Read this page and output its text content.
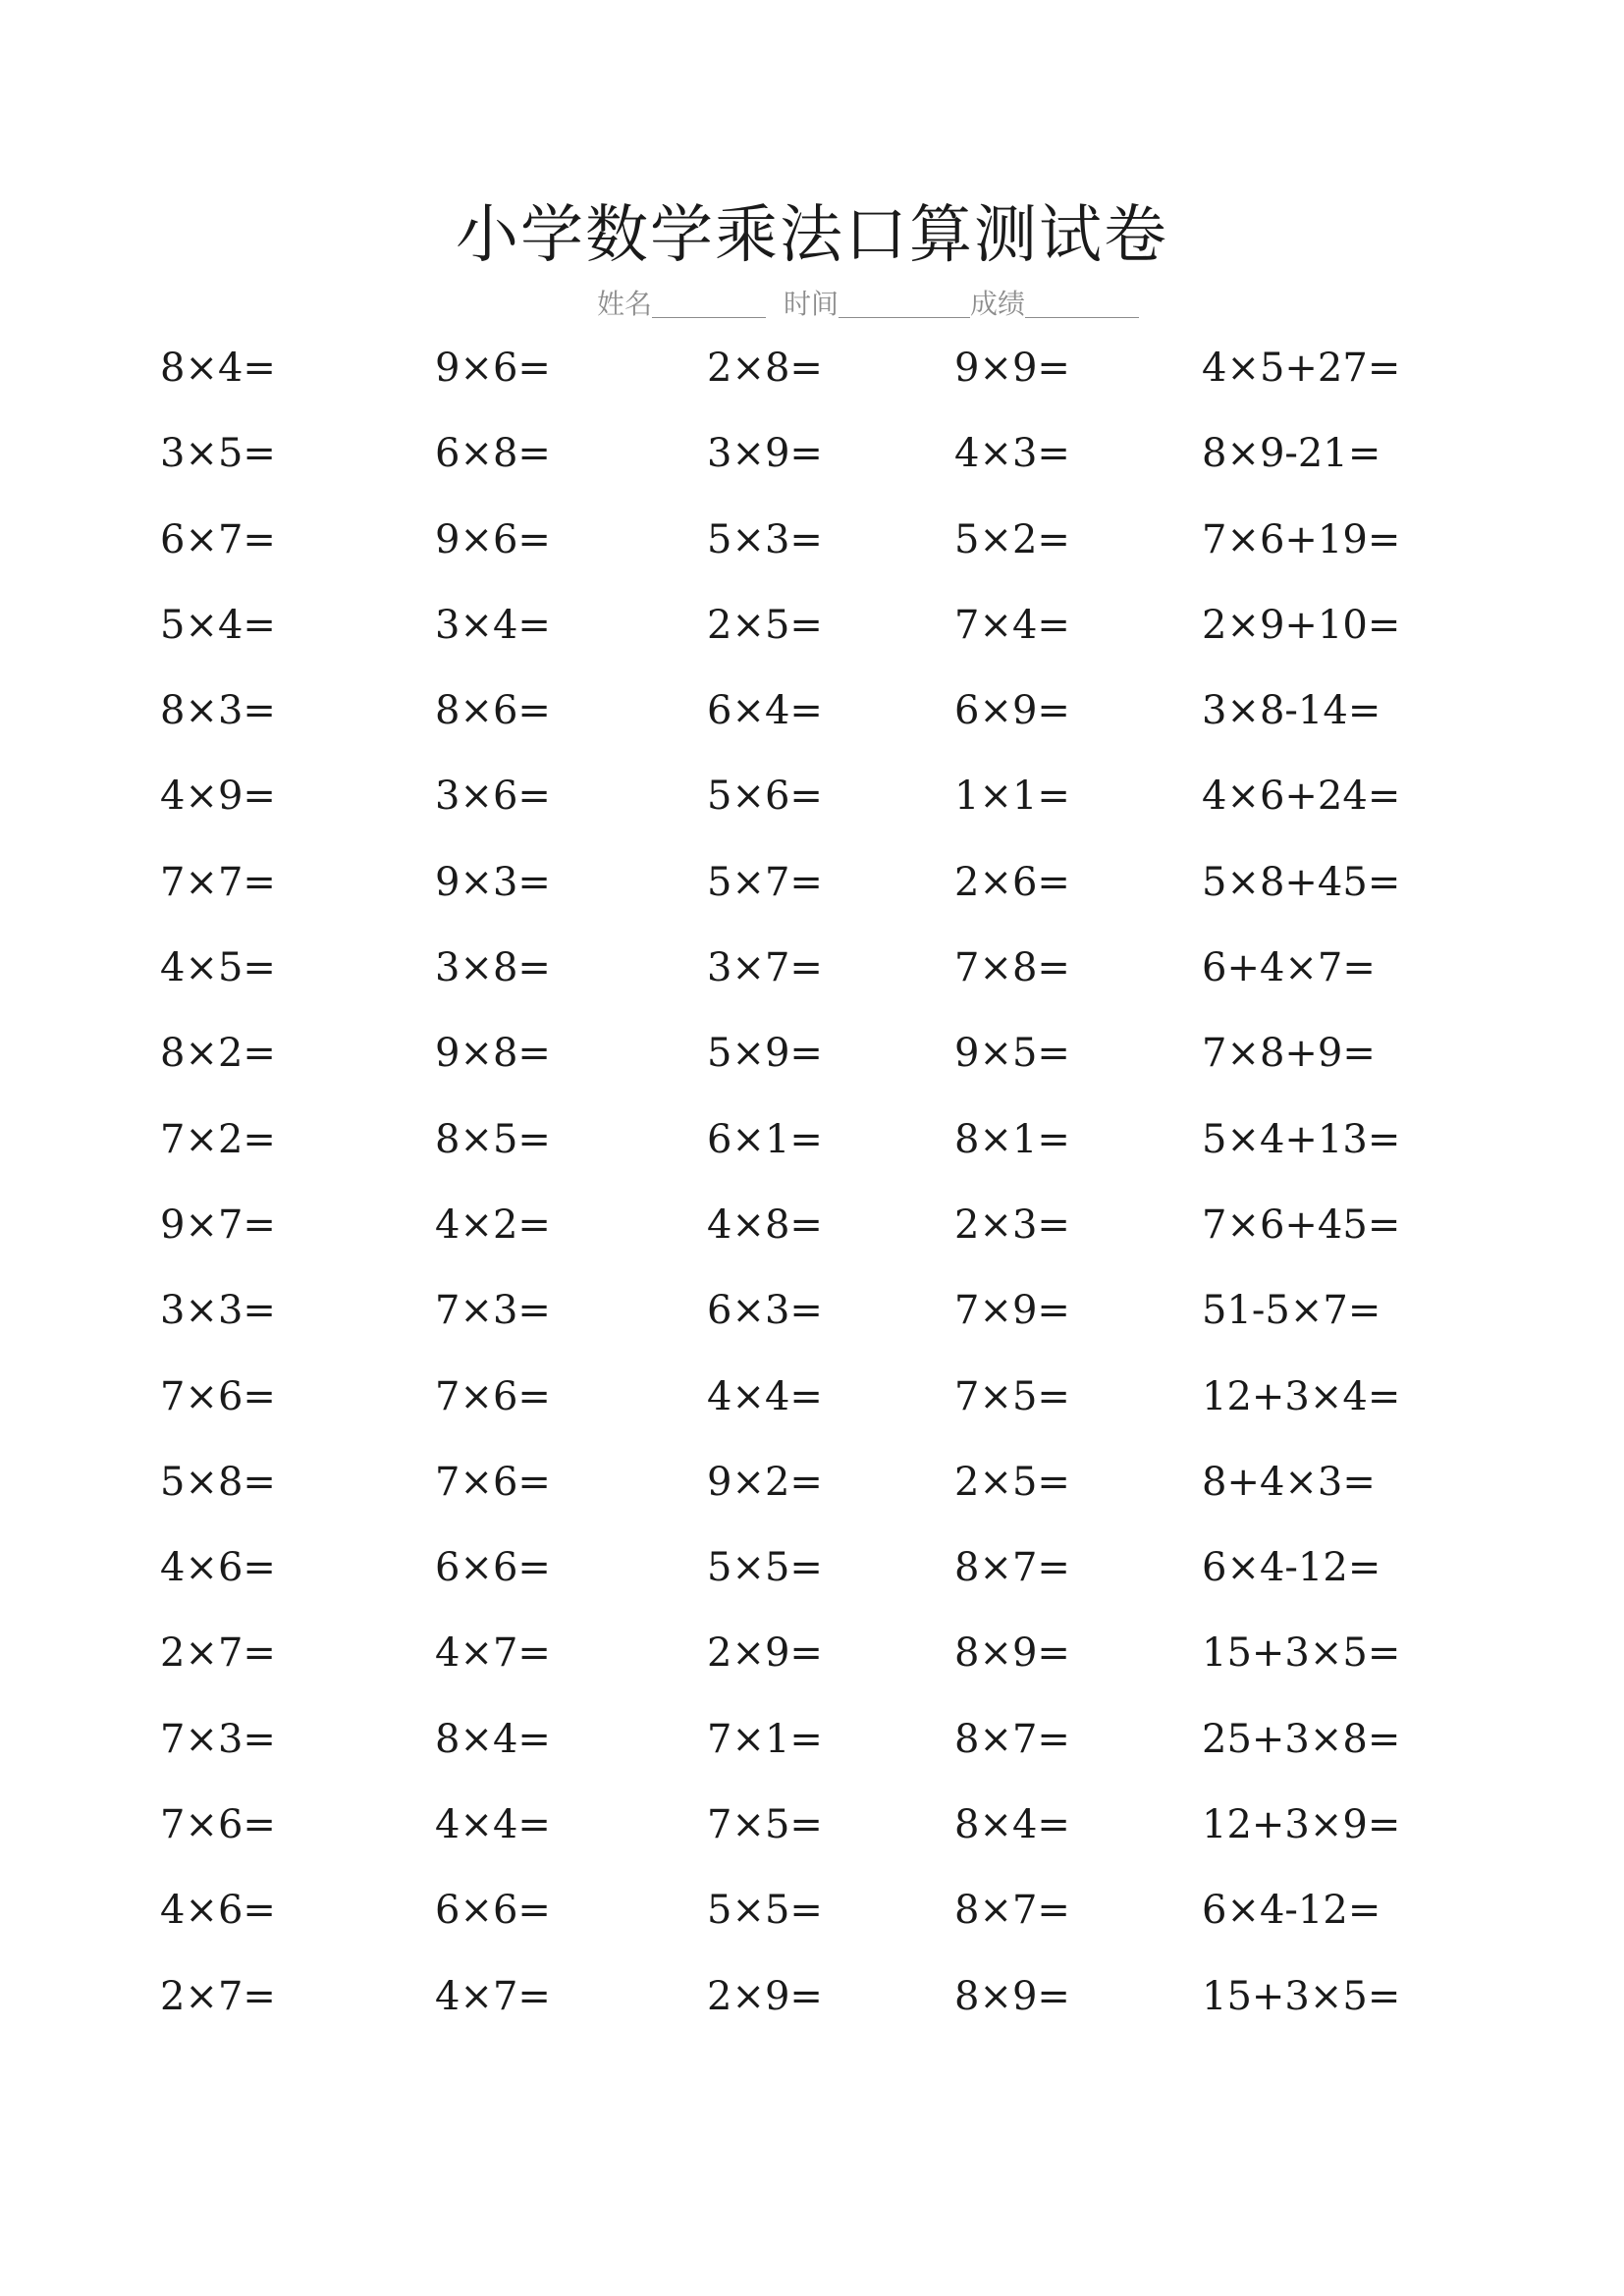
小学数学乘法口算测试卷
姓名	时间	成绩
8×4=	9×6=	2×8=	9×9=	4×5+27=
3×5=	6×8=	3×9=	4×3=	8×9-21=
6×7=	9×6=	5×3=	5×2=	7×6+19=
5×4=	3×4=	2×5=	7×4=	2×9+10=
8×3=	8×6=	6×4=	6×9=	3×8-14=
4×9=	3×6=	5×6=	1×1=	4×6+24=
7×7=	9×3=	5×7=	2×6=	5×8+45=
4×5=	3×8=	3×7=	7×8=	6+4×7=
8×2=	9×8=	5×9=	9×5=	7×8+9=
7×2=	8×5=	6×1=	8×1=	5×4+13=
9×7=	4×2=	4×8=	2×3=	7×6+45=
3×3=	7×3=	6×3=	7×9=	51-5×7=
7×6=	7×6=	4×4=	7×5=	12+3×4=
5×8=	7×6=	9×2=	2×5=	8+4×3=
4×6=	6×6=	5×5=	8×7=	6×4-12=
2×7=	4×7=	2×9=	8×9=	15+3×5=
7×3=	8×4=	7×1=	8×7=	25+3×8=
7×6=	4×4=	7×5=	8×4=	12+3×9=
4×6=	6×6=	5×5=	8×7=	6×4-12=
2×7=	4×7=	2×9=	8×9=	15+3×5=
